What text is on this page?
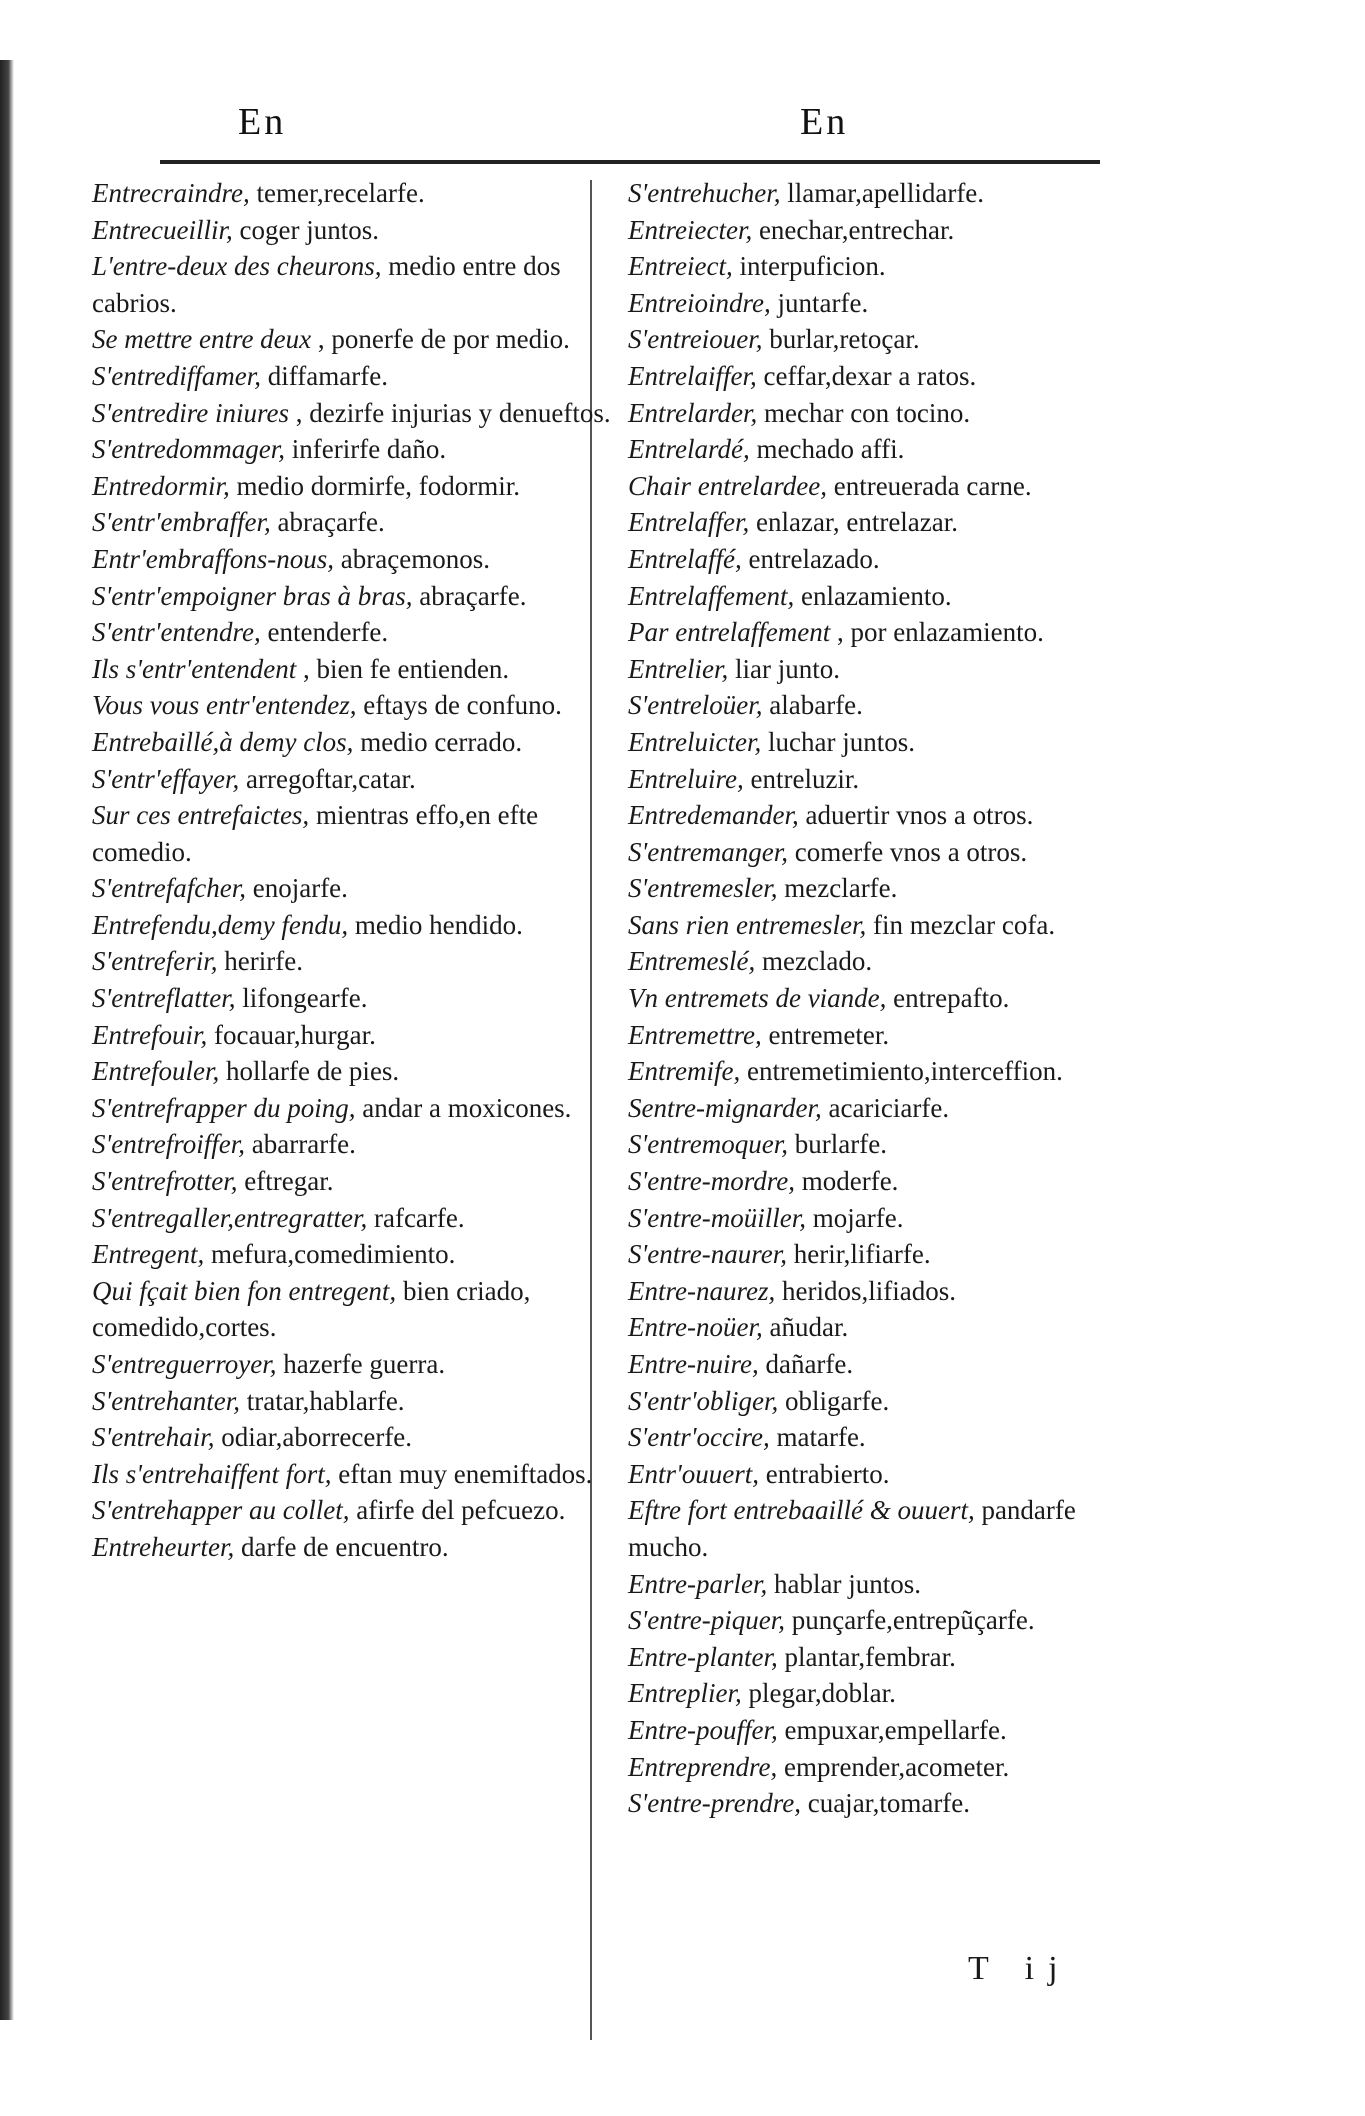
En	En

Entrecraindre, temer,recelarfe.

Entrecueillir, coger juntos.

L'entre-deux des cheurons, medio entre dos cabrios.

Se mettre entre deux , ponerfe de por medio.

S'entrediffamer, diffamarfe.

S'entredire iniures , dezirfe injurias y denueftos.

S'entredommager, inferirfe daño.

Entredormir, medio dormirfe, fodormir.

S'entr'embraffer, abraçarfe.

Entr'embraffons-nous, abraçemonos.

S'entr'empoigner bras à bras, abraçarfe.

S'entr'entendre, entenderfe.

Ils s'entr'entendent , bien fe entienden.

Vous vous entr'entendez, eftays de confuno.

Entrebaillé,à demy clos, medio cerrado.

S'entr'effayer, arregoftar,catar.

Sur ces entrefaictes, mientras effo,en efte comedio.

S'entrefafcher, enojarfe.

Entrefendu,demy fendu, medio hendido.

S'entreferir, herirfe.

S'entreflatter, lifongearfe.

Entrefouir, focauar,hurgar.

Entrefouler, hollarfe de pies.

S'entrefrapper du poing, andar a moxicones.

S'entrefroiffer, abarrarfe.

S'entrefrotter, eftregar.

S'entregaller,entregratter, rafcarfe.

Entregent, mefura,comedimiento.

Qui fçait bien fon entregent, bien criado, comedido,cortes.

S'entreguerroyer, hazerfe guerra.

S'entrehanter, tratar,hablarfe.

S'entrehair, odiar,aborrecerfe.

Ils s'entrehaiffent fort, eftan muy enemiftados.

S'entrehapper au collet, afirfe del pefcuezo.

Entreheurter, darfe de encuentro.

S'entrehucher, llamar,apellidarfe.

Entreiecter, enechar,entrechar.

Entreiect, interpuficion.

Entreioindre, juntarfe.

S'entreiouer, burlar,retoçar.

Entrelaiffer, ceffar,dexar a ratos.

Entrelarder, mechar con tocino.

Entrelardé, mechado affi.

Chair entrelardee, entreuerada carne.

Entrelaffer, enlazar, entrelazar.

Entrelaffé, entrelazado.

Entrelaffement, enlazamiento.

Par entrelaffement , por enlazamiento.

Entrelier, liar junto.

S'entreloüer, alabarfe.

Entreluicter, luchar juntos.

Entreluire, entreluzir.

Entredemander, aduertir vnos a otros.

S'entremanger, comerfe vnos a otros.

S'entremesler, mezclarfe.

Sans rien entremesler, fin mezclar cofa.

Entremeslé, mezclado.

Vn entremets de viande, entrepafto.

Entremettre, entremeter.

Entremife, entremetimiento,interceffion.

Sentre-mignarder, acariciarfe.

S'entremoquer, burlarfe.

S'entre-mordre, moderfe.

S'entre-moüiller, mojarfe.

S'entre-naurer, herir,lifiarfe.

Entre-naurez, heridos,lifiados.

Entre-noüer, añudar.

Entre-nuire, dañarfe.

S'entr'obliger, obligarfe.

S'entr'occire, matarfe.

Entr'ouuert, entrabierto.

Eftre fort entrebaaillé & ouuert, pandarfe mucho.

Entre-parler, hablar juntos.

S'entre-piquer, punçarfe,entrepũçarfe.

Entre-planter, plantar,fembrar.

Entreplier, plegar,doblar.

Entre-pouffer, empuxar,empellarfe.

Entreprendre, emprender,acometer.

S'entre-prendre, cuajar,tomarfe.

T ij
